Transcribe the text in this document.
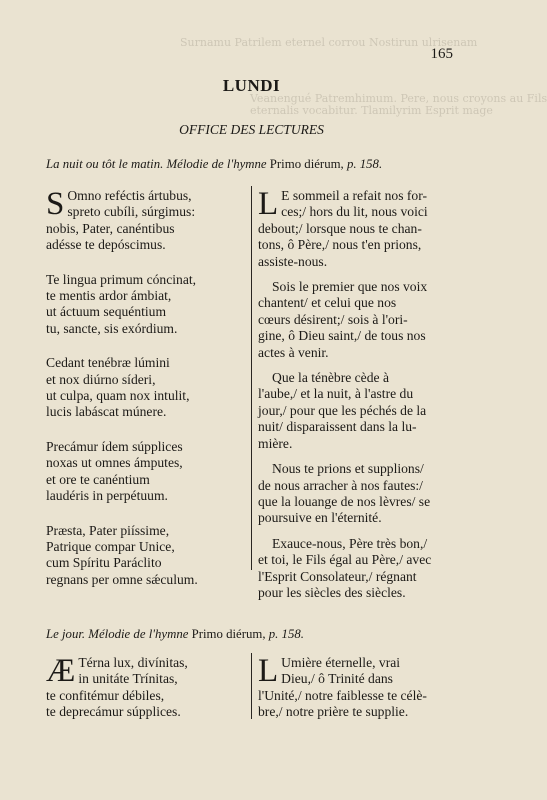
Surnamu Patrilem eternel corrou Nostirun ulrisenam
Veanengué Patremhimum. Pere, nous croyons au Fils
eternalis vocabitur. Tlamilyrim Esprit mage
165
LUNDI
OFFICE DES LECTURES
La nuit ou tôt le matin. Mélodie de l'hymne Primo diérum, p. 158.
S Omno reféctis ártubus,
spreto cubíli, súrgimus:
nobis, Pater, canéntibus
adésse te depóscimus.
Te lingua primum cóncinat,
te mentis ardor ámbiat,
ut áctuum sequéntium
tu, sancte, sis exórdium.
Cedant tenébræ lúmini
et nox diúrno síderi,
ut culpa, quam nox intulit,
lucis labáscat múnere.
Precámur ídem súpplices
noxas ut omnes ámputes,
et ore te canéntium
laudéris in perpétuum.
Præsta, Pater piíssime,
Patrique compar Unice,
cum Spíritu Paráclito
regnans per omne sǽculum.
L E sommeil a refait nos for-
ces;/ hors du lit, nous voici
debout;/ lorsque nous te chan-
tons, ô Père,/ nous t'en prions,
assiste-nous.
Sois le premier que nos voix
chantent/ et celui que nos
cœurs désirent;/ sois à l'ori-
gine, ô Dieu saint,/ de tous nos
actes à venir.
Que la ténèbre cède à
l'aube,/ et la nuit, à l'astre du
jour,/ pour que les péchés de la
nuit/ disparaissent dans la lu-
mière.
Nous te prions et supplions/
de nous arracher à nos fautes:/
que la louange de nos lèvres/ se
poursuive en l'éternité.
Exauce-nous, Père très bon,/
et toi, le Fils égal au Père,/ avec
l'Esprit Consolateur,/ régnant
pour les siècles des siècles.
Le jour. Mélodie de l'hymne Primo diérum, p. 158.
Æ Térna lux, divínitas,
in unitáte Trínitas,
te confitémur débiles,
te deprecámur súpplices.
L Umière éternelle, vrai
Dieu,/ ô Trinité dans
l'Unité,/ notre faiblesse te célè-
bre,/ notre prière te supplie.
